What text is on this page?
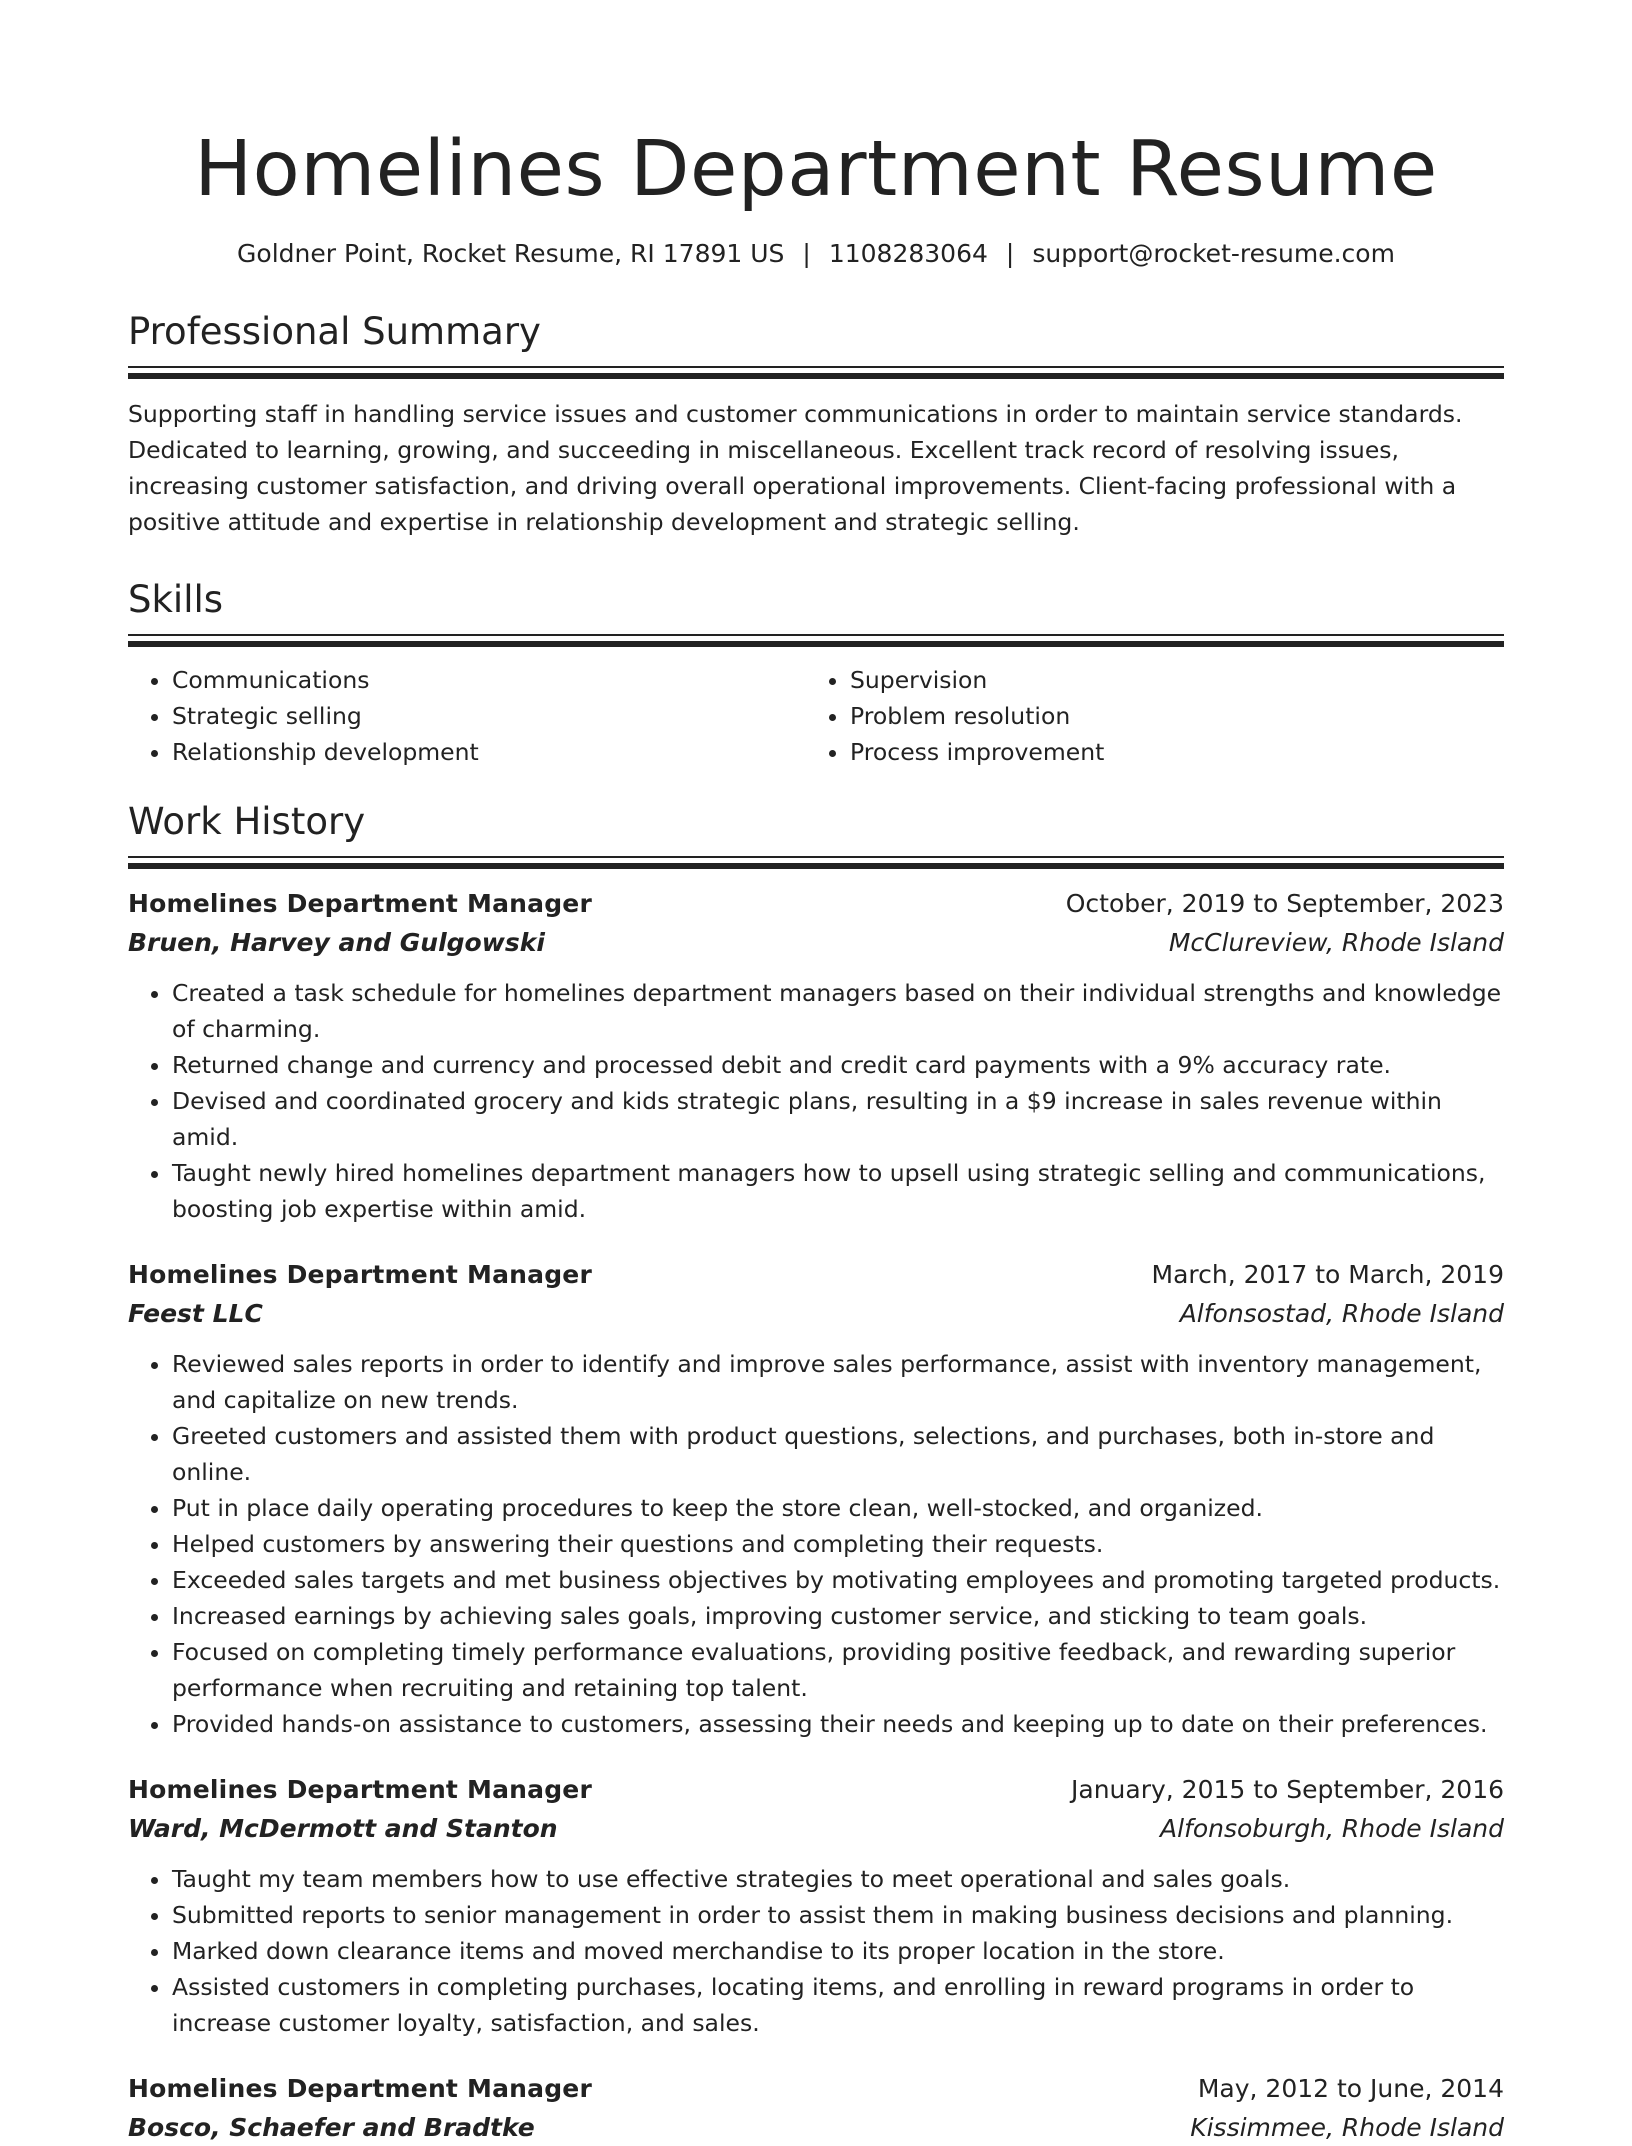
Homelines Department Resume
Goldner Point, Rocket Resume, RI 17891 US | 1108283064 | support@rocket-resume.com
Professional Summary

Supporting staff in handling service issues and customer communications in order to maintain service standards. Dedicated to learning, growing, and succeeding in miscellaneous. Excellent track record of resolving issues, increasing customer satisfaction, and driving overall operational improvements. Client-facing professional with a positive attitude and expertise in relationship development and strategic selling.

Skills
• Communications
• Strategic selling
• Relationship development
• Supervision
• Problem resolution
• Process improvement
Work History
Homelines Department Manager	October, 2019 to September, 2023
Bruen, Harvey and Gulgowski	McClureview, Rhode Island
• Created a task schedule for homelines department managers based on their individual strengths and knowledge of charming.
• Returned change and currency and processed debit and credit card payments with a 9% accuracy rate.
• Devised and coordinated grocery and kids strategic plans, resulting in a $9 increase in sales revenue within amid.
• Taught newly hired homelines department managers how to upsell using strategic selling and communications, boosting job expertise within amid.
Homelines Department Manager	March, 2017 to March, 2019
Feest LLC	Alfonsostad, Rhode Island
• Reviewed sales reports in order to identify and improve sales performance, assist with inventory management, and capitalize on new trends.
• Greeted customers and assisted them with product questions, selections, and purchases, both in-store and online.
• Put in place daily operating procedures to keep the store clean, well-stocked, and organized.
• Helped customers by answering their questions and completing their requests.
• Exceeded sales targets and met business objectives by motivating employees and promoting targeted products.
• Increased earnings by achieving sales goals, improving customer service, and sticking to team goals.
• Focused on completing timely performance evaluations, providing positive feedback, and rewarding superior performance when recruiting and retaining top talent.
• Provided hands-on assistance to customers, assessing their needs and keeping up to date on their preferences.
Homelines Department Manager	January, 2015 to September, 2016
Ward, McDermott and Stanton	Alfonsoburgh, Rhode Island
• Taught my team members how to use effective strategies to meet operational and sales goals.
• Submitted reports to senior management in order to assist them in making business decisions and planning.
• Marked down clearance items and moved merchandise to its proper location in the store.
• Assisted customers in completing purchases, locating items, and enrolling in reward programs in order to increase customer loyalty, satisfaction, and sales.
Homelines Department Manager	May, 2012 to June, 2014
Bosco, Schaefer and Bradtke	Kissimmee, Rhode Island
